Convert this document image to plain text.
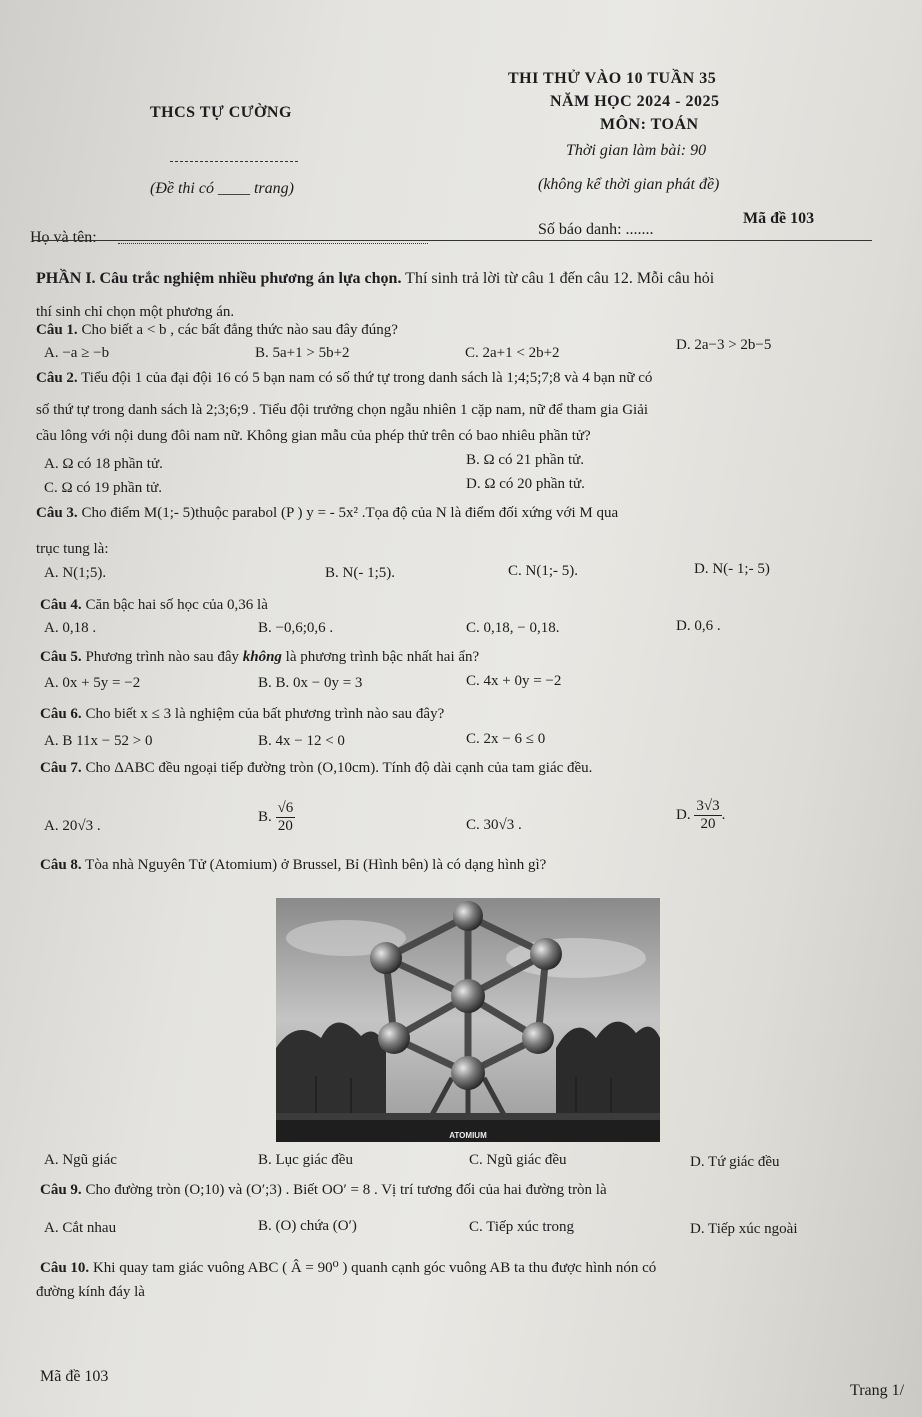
THCS TỰ CƯỜNG
THI THỬ VÀO 10 TUẦN 35
NĂM HỌC 2024 - 2025
MÔN: TOÁN
Thời gian làm bài: 90
(Đề thi có ____ trang)	(không kể thời gian phát đề)
Họ và tên:	Số báo danh: .......
Mã đề 103
PHẦN I. Câu trắc nghiệm nhiều phương án lựa chọn. Thí sinh trả lời từ câu 1 đến câu 12. Mỗi câu hỏi
thí sinh chỉ chọn một phương án.
Câu 1. Cho biết a < b , các bất đẳng thức nào sau đây đúng?
A. −a ≥ −b	B. 5a+1 > 5b+2	C. 2a+1 < 2b+2	D. 2a−3 > 2b−5
Câu 2. Tiểu đội 1 của đại đội 16 có 5 bạn nam có số thứ tự trong danh sách là 1;4;5;7;8 và 4 bạn nữ có
số thứ tự trong danh sách là 2;3;6;9 . Tiểu đội trưởng chọn ngẫu nhiên 1 cặp nam, nữ để tham gia Giải
cầu lông với nội dung đôi nam nữ. Không gian mẫu của phép thử trên có bao nhiêu phần tử?
A. Ω có 18 phần tử.	B. Ω có 21 phần tử.
C. Ω có 19 phần tử.	D. Ω có 20 phần tử.
Câu 3. Cho điểm M(1;- 5)thuộc parabol (P ) y = - 5x² .Tọa độ của N là điểm đối xứng với M qua
trục tung là:
A. N(1;5).	B. N(- 1;5).	C. N(1;- 5).	D. N(- 1;- 5)
Câu 4. Căn bậc hai số học của 0,36 là
A. 0,18 .	B. −0,6;0,6 .	C. 0,18, − 0,18.	D. 0,6 .
Câu 5. Phương trình nào sau đây không là phương trình bậc nhất hai ẩn?
A. 0x + 5y = −2	B. B. 0x − 0y = 3	C. 4x + 0y = −2
Câu 6. Cho biết x ≤ 3 là nghiệm của bất phương trình nào sau đây?
A. B 11x − 52 > 0	B. 4x − 12 < 0	C. 2x − 6 ≤ 0
Câu 7. Cho ΔABC đều ngoại tiếp đường tròn (O,10cm). Tính độ dài cạnh của tam giác đều.
A. 20√3 .
B. $\frac{√6}{20}$	C. 30√3 .
D. $\frac{3√3}{20}$ .
Câu 8. Tòa nhà Nguyên Tử (Atomium) ở Brussel, Bỉ (Hình bên) là có dạng hình gì?
ATOMIUM
A. Ngũ giác	B. Lục giác đều	C. Ngũ giác đều	D. Tứ giác đều
Câu 9. Cho đường tròn (O;10) và (O′;3) . Biết OO′ = 8 . Vị trí tương đối của hai đường tròn là
A. Cắt nhau	B. (O) chứa (O′)	C. Tiếp xúc trong	D. Tiếp xúc ngoài
Câu 10. Khi quay tam giác vuông ABC ( Â = 90⁰ ) quanh cạnh góc vuông AB ta thu được hình nón có
đường kính đáy là
Mã đề 103
Trang 1/
